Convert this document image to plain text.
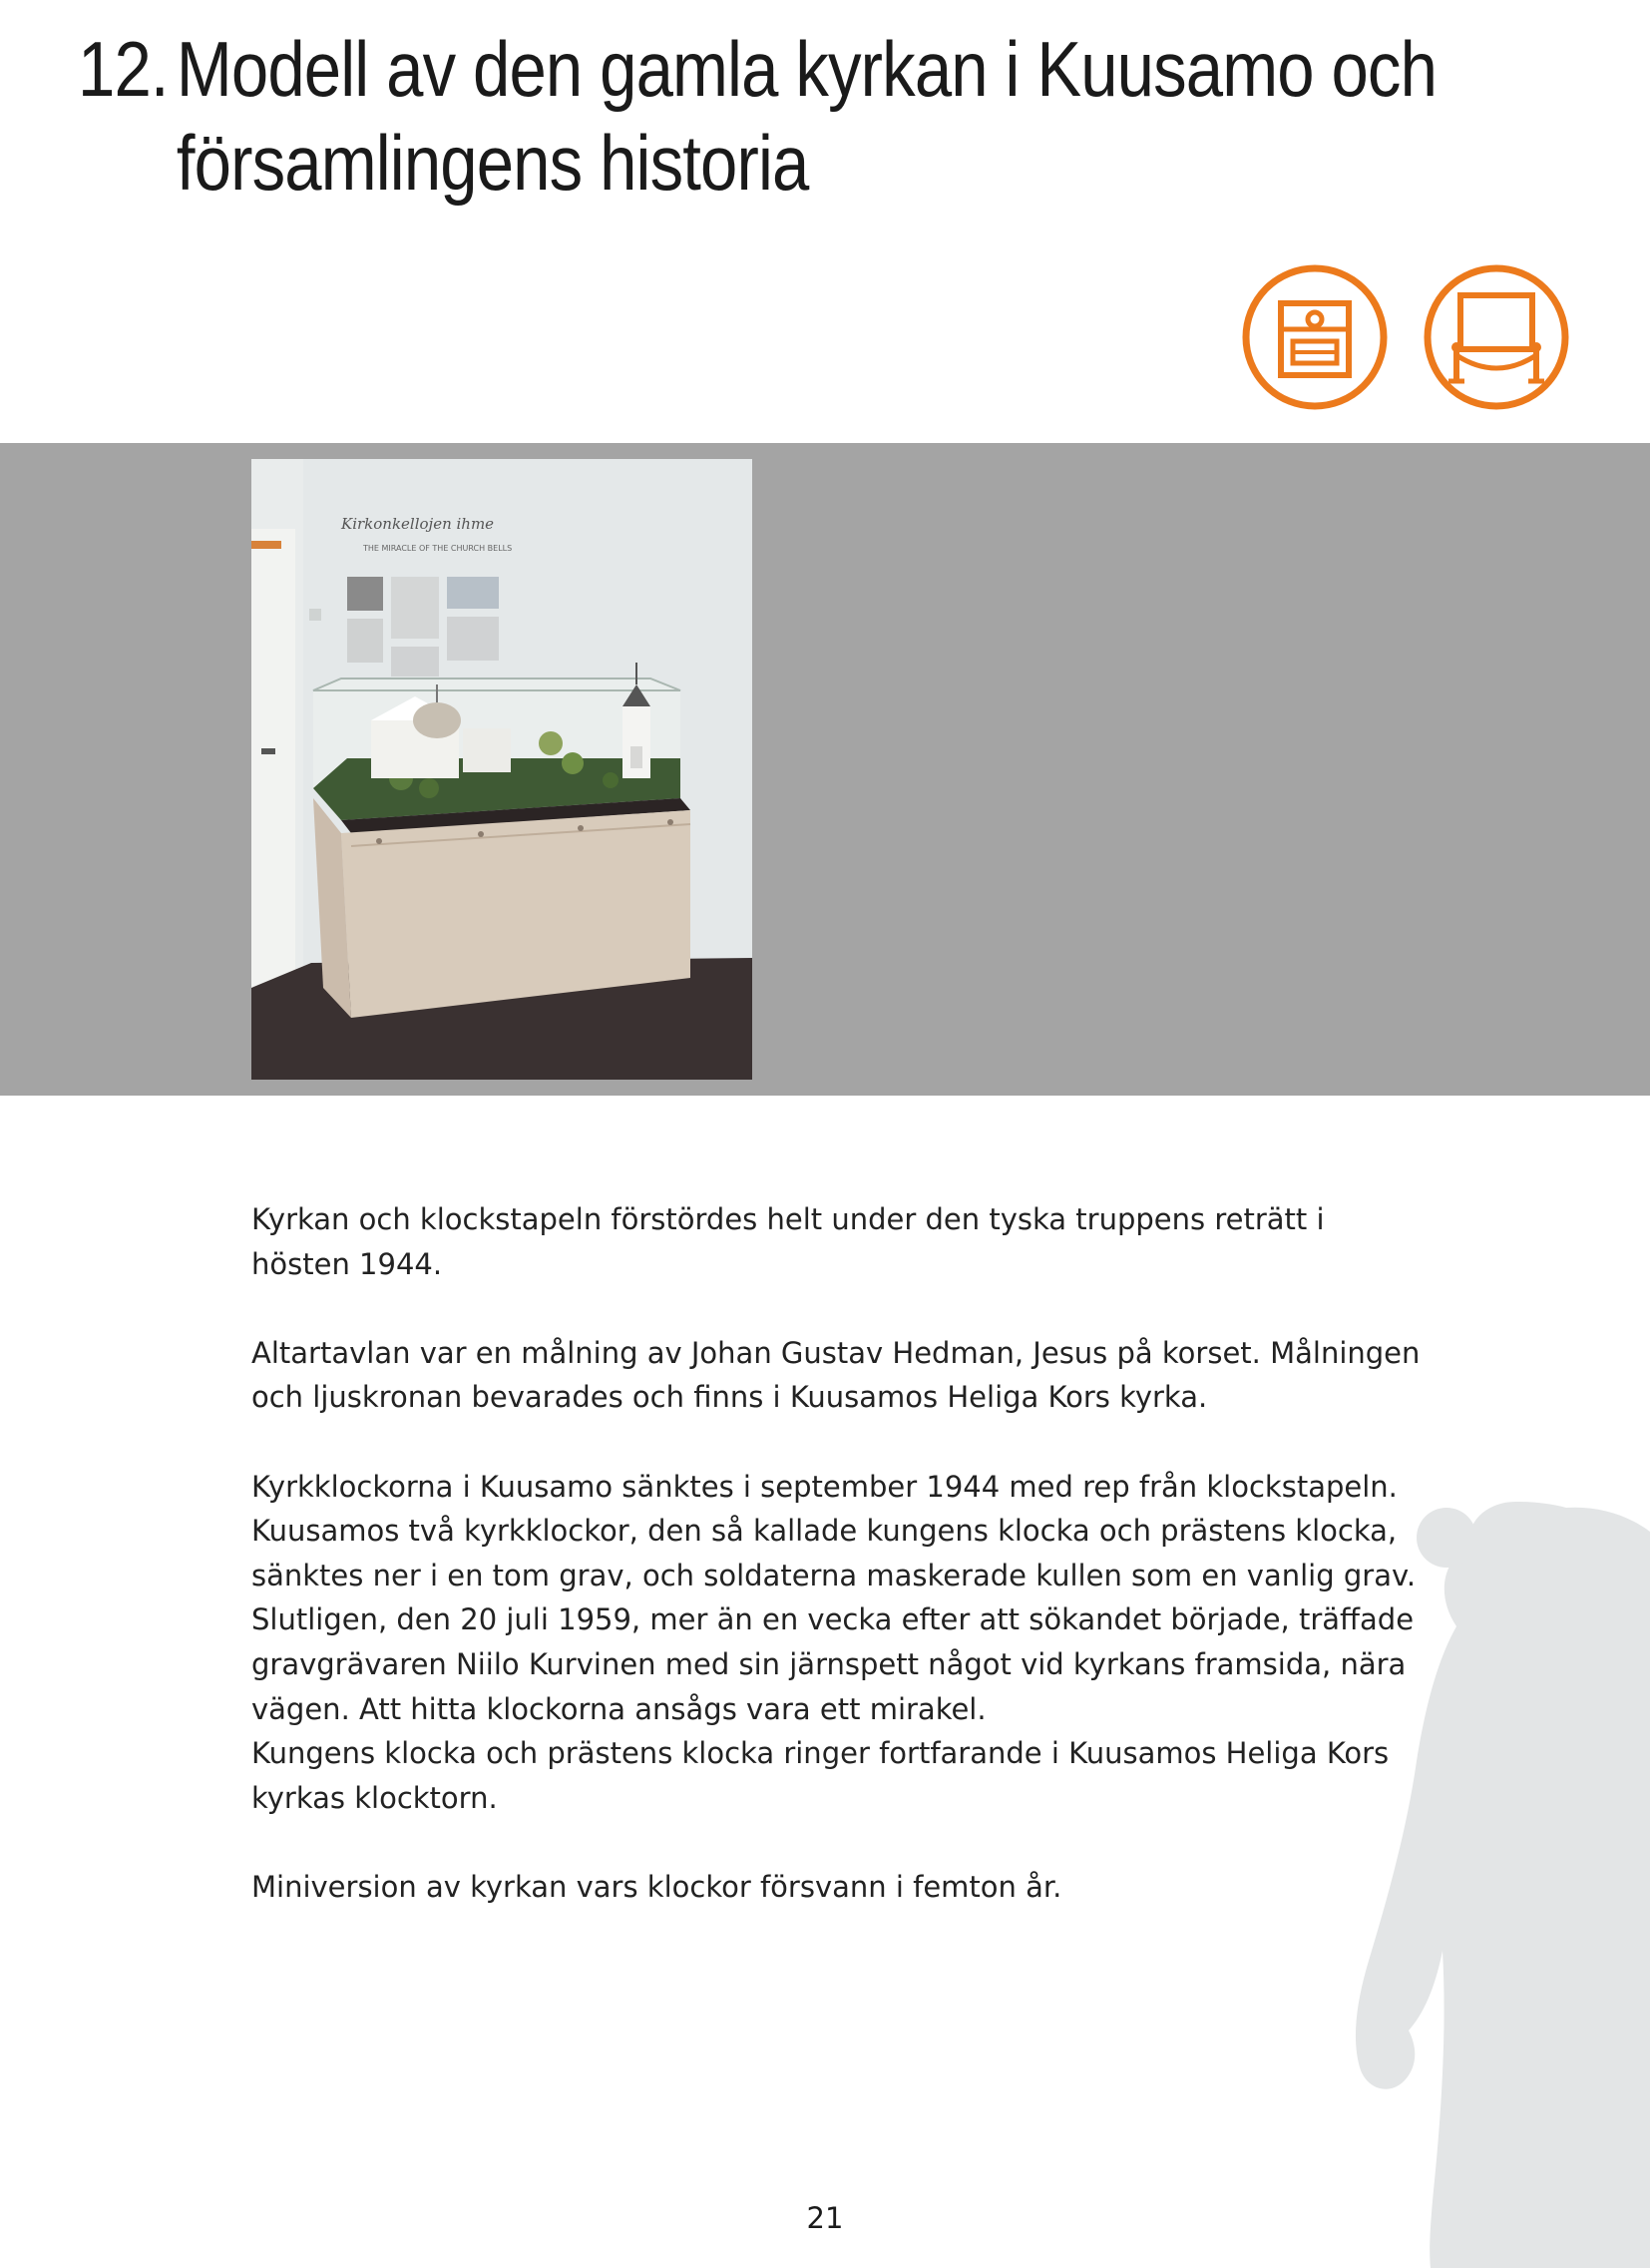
12. Modell av den gamla kyrkan i Kuusamo och
församlingens historia
Kirkonkellojen ihme
THE MIRACLE OF THE CHURCH BELLS

Kyrkan och klockstapeln förstördes helt under den tyska truppens reträtt i hösten 1944.

Altartavlan var en målning av Johan Gustav Hedman, Jesus på korset. Målningen och ljuskronan bevarades och finns i Kuusamos Heliga Kors kyrka.

Kyrkklockorna i Kuusamo sänktes i september 1944 med rep från klockstapeln.

Kuusamos två kyrkklockor, den så kallade kungens klocka och prästens klocka, sänktes ner i en tom grav, och soldaterna maskerade kullen som en vanlig grav.

Slutligen, den 20 juli 1959, mer än en vecka efter att sökandet började, träffade gravgrävaren Niilo Kurvinen med sin järnspett något vid kyrkans framsida, nära vägen. Att hitta klockorna ansågs vara ett mirakel.

Kungens klocka och prästens klocka ringer fortfarande i Kuusamos Heliga Kors kyrkas klocktorn.

Miniversion av kyrkan vars klockor försvann i femton år.

21
